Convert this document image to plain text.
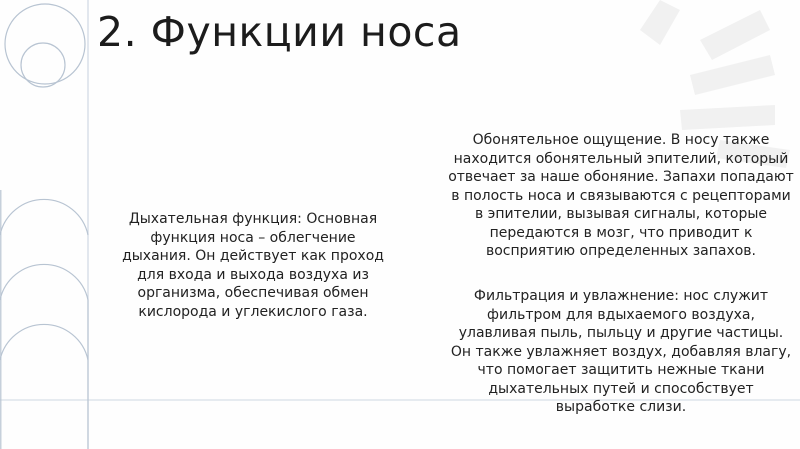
2. Функции носа
Дыхательная функция: Основная функция носа – облегчение дыхания. Он действует как проход для входа и выхода воздуха из организма, обеспечивая обмен кислорода и углекислого газа.
Обонятельное ощущение. В носу также находится обонятельный эпителий, который отвечает за наше обоняние. Запахи попадают в полость носа и связываются с рецепторами в эпителии, вызывая сигналы, которые передаются в мозг, что приводит к восприятию определенных запахов.
Фильтрация и увлажнение: нос служит фильтром для вдыхаемого воздуха, улавливая пыль, пыльцу и другие частицы. Он также увлажняет воздух, добавляя влагу, что помогает защитить нежные ткани дыхательных путей и способствует выработке слизи.
